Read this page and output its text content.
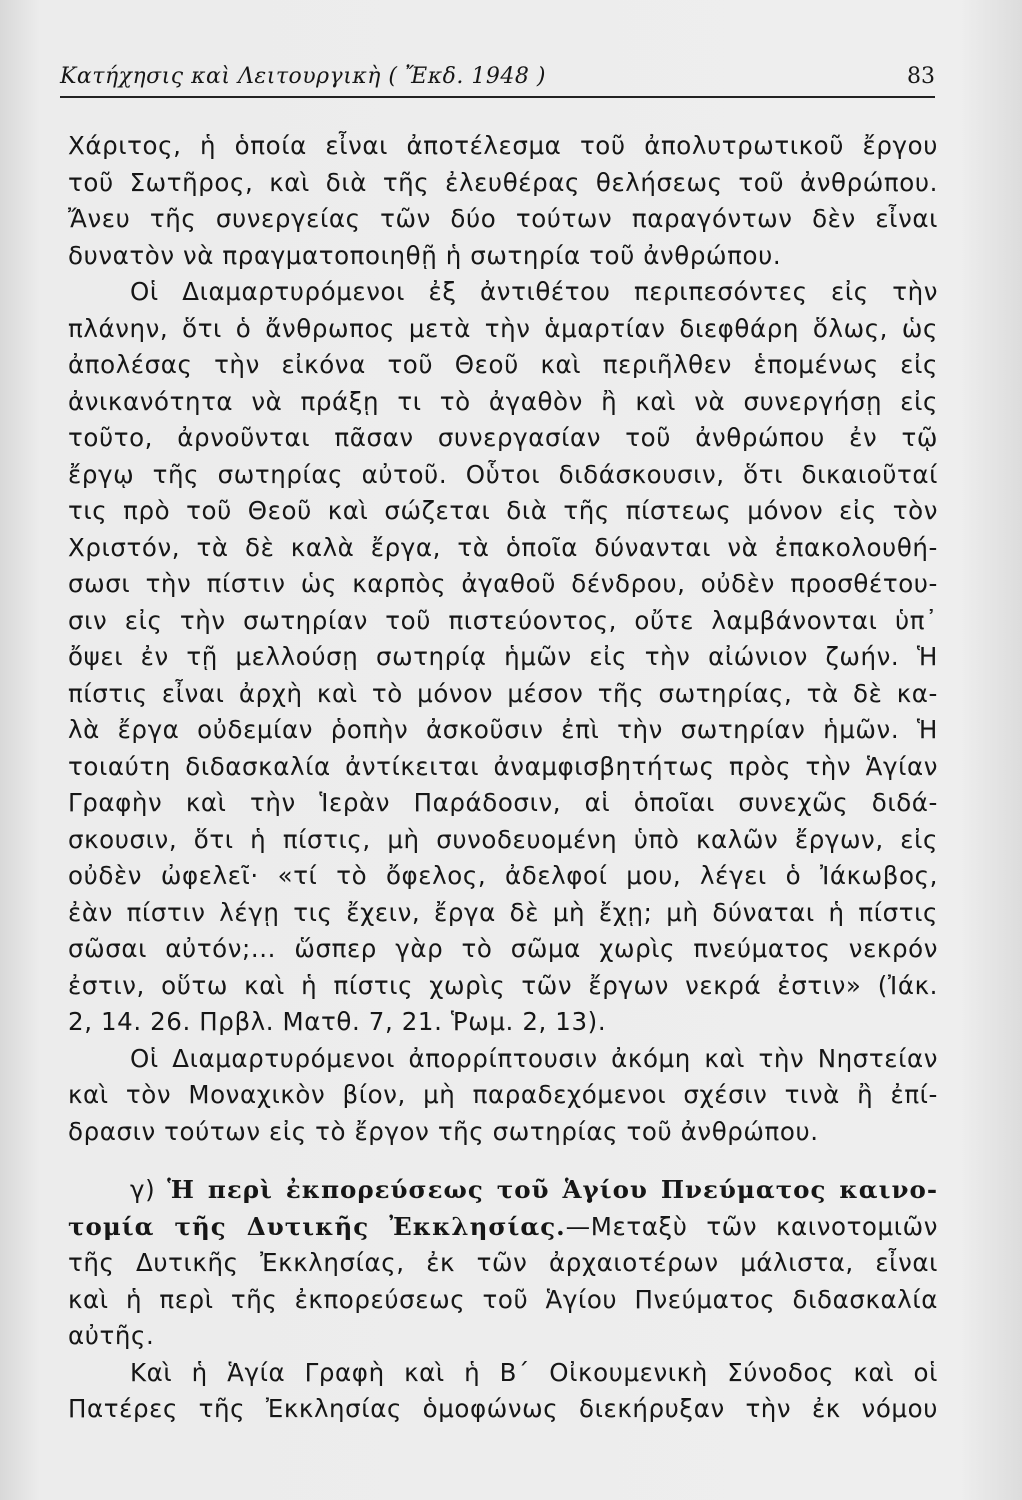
Κατήχησις καὶ Λειτουργικὴ ( Ἔκδ. 1948 )	83
Χάριτος, ἡ ὁποία εἶναι ἀποτέλεσμα τοῦ ἀπολυτρωτικοῦ ἔργου
τοῦ Σωτῆρος, καὶ διὰ τῆς ἐλευθέρας θελήσεως τοῦ ἀνθρώπου.
Ἄνευ τῆς συνεργείας τῶν δύο τούτων παραγόντων δὲν εἶναι
δυνατὸν νὰ πραγματοποιηθῇ ἡ σωτηρία τοῦ ἀνθρώπου.
Οἱ Διαμαρτυρόμενοι ἐξ ἀντιθέτου περιπεσόντες εἰς τὴν
πλάνην, ὅτι ὁ ἄνθρωπος μετὰ τὴν ἁμαρτίαν διεφθάρη ὅλως, ὡς
ἀπολέσας τὴν εἰκόνα τοῦ Θεοῦ καὶ περιῆλθεν ἑπομένως εἰς
ἀνικανότητα νὰ πράξῃ τι τὸ ἀγαθὸν ἢ καὶ νὰ συνεργήσῃ εἰς
τοῦτο, ἀρνοῦνται πᾶσαν συνεργασίαν τοῦ ἀνθρώπου ἐν τῷ
ἔργῳ τῆς σωτηρίας αὐτοῦ. Οὗτοι διδάσκουσιν, ὅτι δικαιοῦταί
τις πρὸ τοῦ Θεοῦ καὶ σώζεται διὰ τῆς πίστεως μόνον εἰς τὸν
Χριστόν, τὰ δὲ καλὰ ἔργα, τὰ ὁποῖα δύνανται νὰ ἐπακολουθή-
σωσι τὴν πίστιν ὡς καρπὸς ἀγαθοῦ δένδρου, οὐδὲν προσθέτου-
σιν εἰς τὴν σωτηρίαν τοῦ πιστεύοντος, οὔτε λαμβάνονται ὑπ᾽
ὄψει ἐν τῇ μελλούσῃ σωτηρίᾳ ἡμῶν εἰς τὴν αἰώνιον ζωήν. Ἡ
πίστις εἶναι ἀρχὴ καὶ τὸ μόνον μέσον τῆς σωτηρίας, τὰ δὲ κα-
λὰ ἔργα οὐδεμίαν ῥοπὴν ἀσκοῦσιν ἐπὶ τὴν σωτηρίαν ἡμῶν. Ἡ
τοιαύτη διδασκαλία ἀντίκειται ἀναμφισβητήτως πρὸς τὴν Ἁγίαν
Γραφὴν καὶ τὴν Ἱερὰν Παράδοσιν, αἱ ὁποῖαι συνεχῶς διδά-
σκουσιν, ὅτι ἡ πίστις, μὴ συνοδευομένη ὑπὸ καλῶν ἔργων, εἰς
οὐδὲν ὠφελεῖ· «τί τὸ ὄφελος, ἀδελφοί μου, λέγει ὁ Ἰάκωβος,
ἐὰν πίστιν λέγῃ τις ἔχειν, ἔργα δὲ μὴ ἔχῃ; μὴ δύναται ἡ πίστις
σῶσαι αὐτόν;... ὥσπερ γὰρ τὸ σῶμα χωρὶς πνεύματος νεκρόν
ἐστιν, οὕτω καὶ ἡ πίστις χωρὶς τῶν ἔργων νεκρά ἐστιν» (Ἰάκ.
2, 14. 26. Πρβλ. Ματθ. 7, 21. Ῥωμ. 2, 13).
Οἱ Διαμαρτυρόμενοι ἀπορρίπτουσιν ἀκόμη καὶ τὴν Νηστείαν
καὶ τὸν Μοναχικὸν βίον, μὴ παραδεχόμενοι σχέσιν τινὰ ἢ ἐπί-
δρασιν τούτων εἰς τὸ ἔργον τῆς σωτηρίας τοῦ ἀνθρώπου.
γ) Ἡ περὶ ἐκπορεύσεως τοῦ Ἁγίου Πνεύματος καινο-
τομία τῆς Δυτικῆς Ἐκκλησίας.—Μεταξὺ τῶν καινοτομιῶν
τῆς Δυτικῆς Ἐκκλησίας, ἐκ τῶν ἀρχαιοτέρων μάλιστα, εἶναι
καὶ ἡ περὶ τῆς ἐκπορεύσεως τοῦ Ἁγίου Πνεύματος διδασκαλία
αὐτῆς.
Καὶ ἡ Ἁγία Γραφὴ καὶ ἡ Β΄ Οἰκουμενικὴ Σύνοδος καὶ οἱ
Πατέρες τῆς Ἐκκλησίας ὁμοφώνως διεκήρυξαν τὴν ἐκ νόμου
